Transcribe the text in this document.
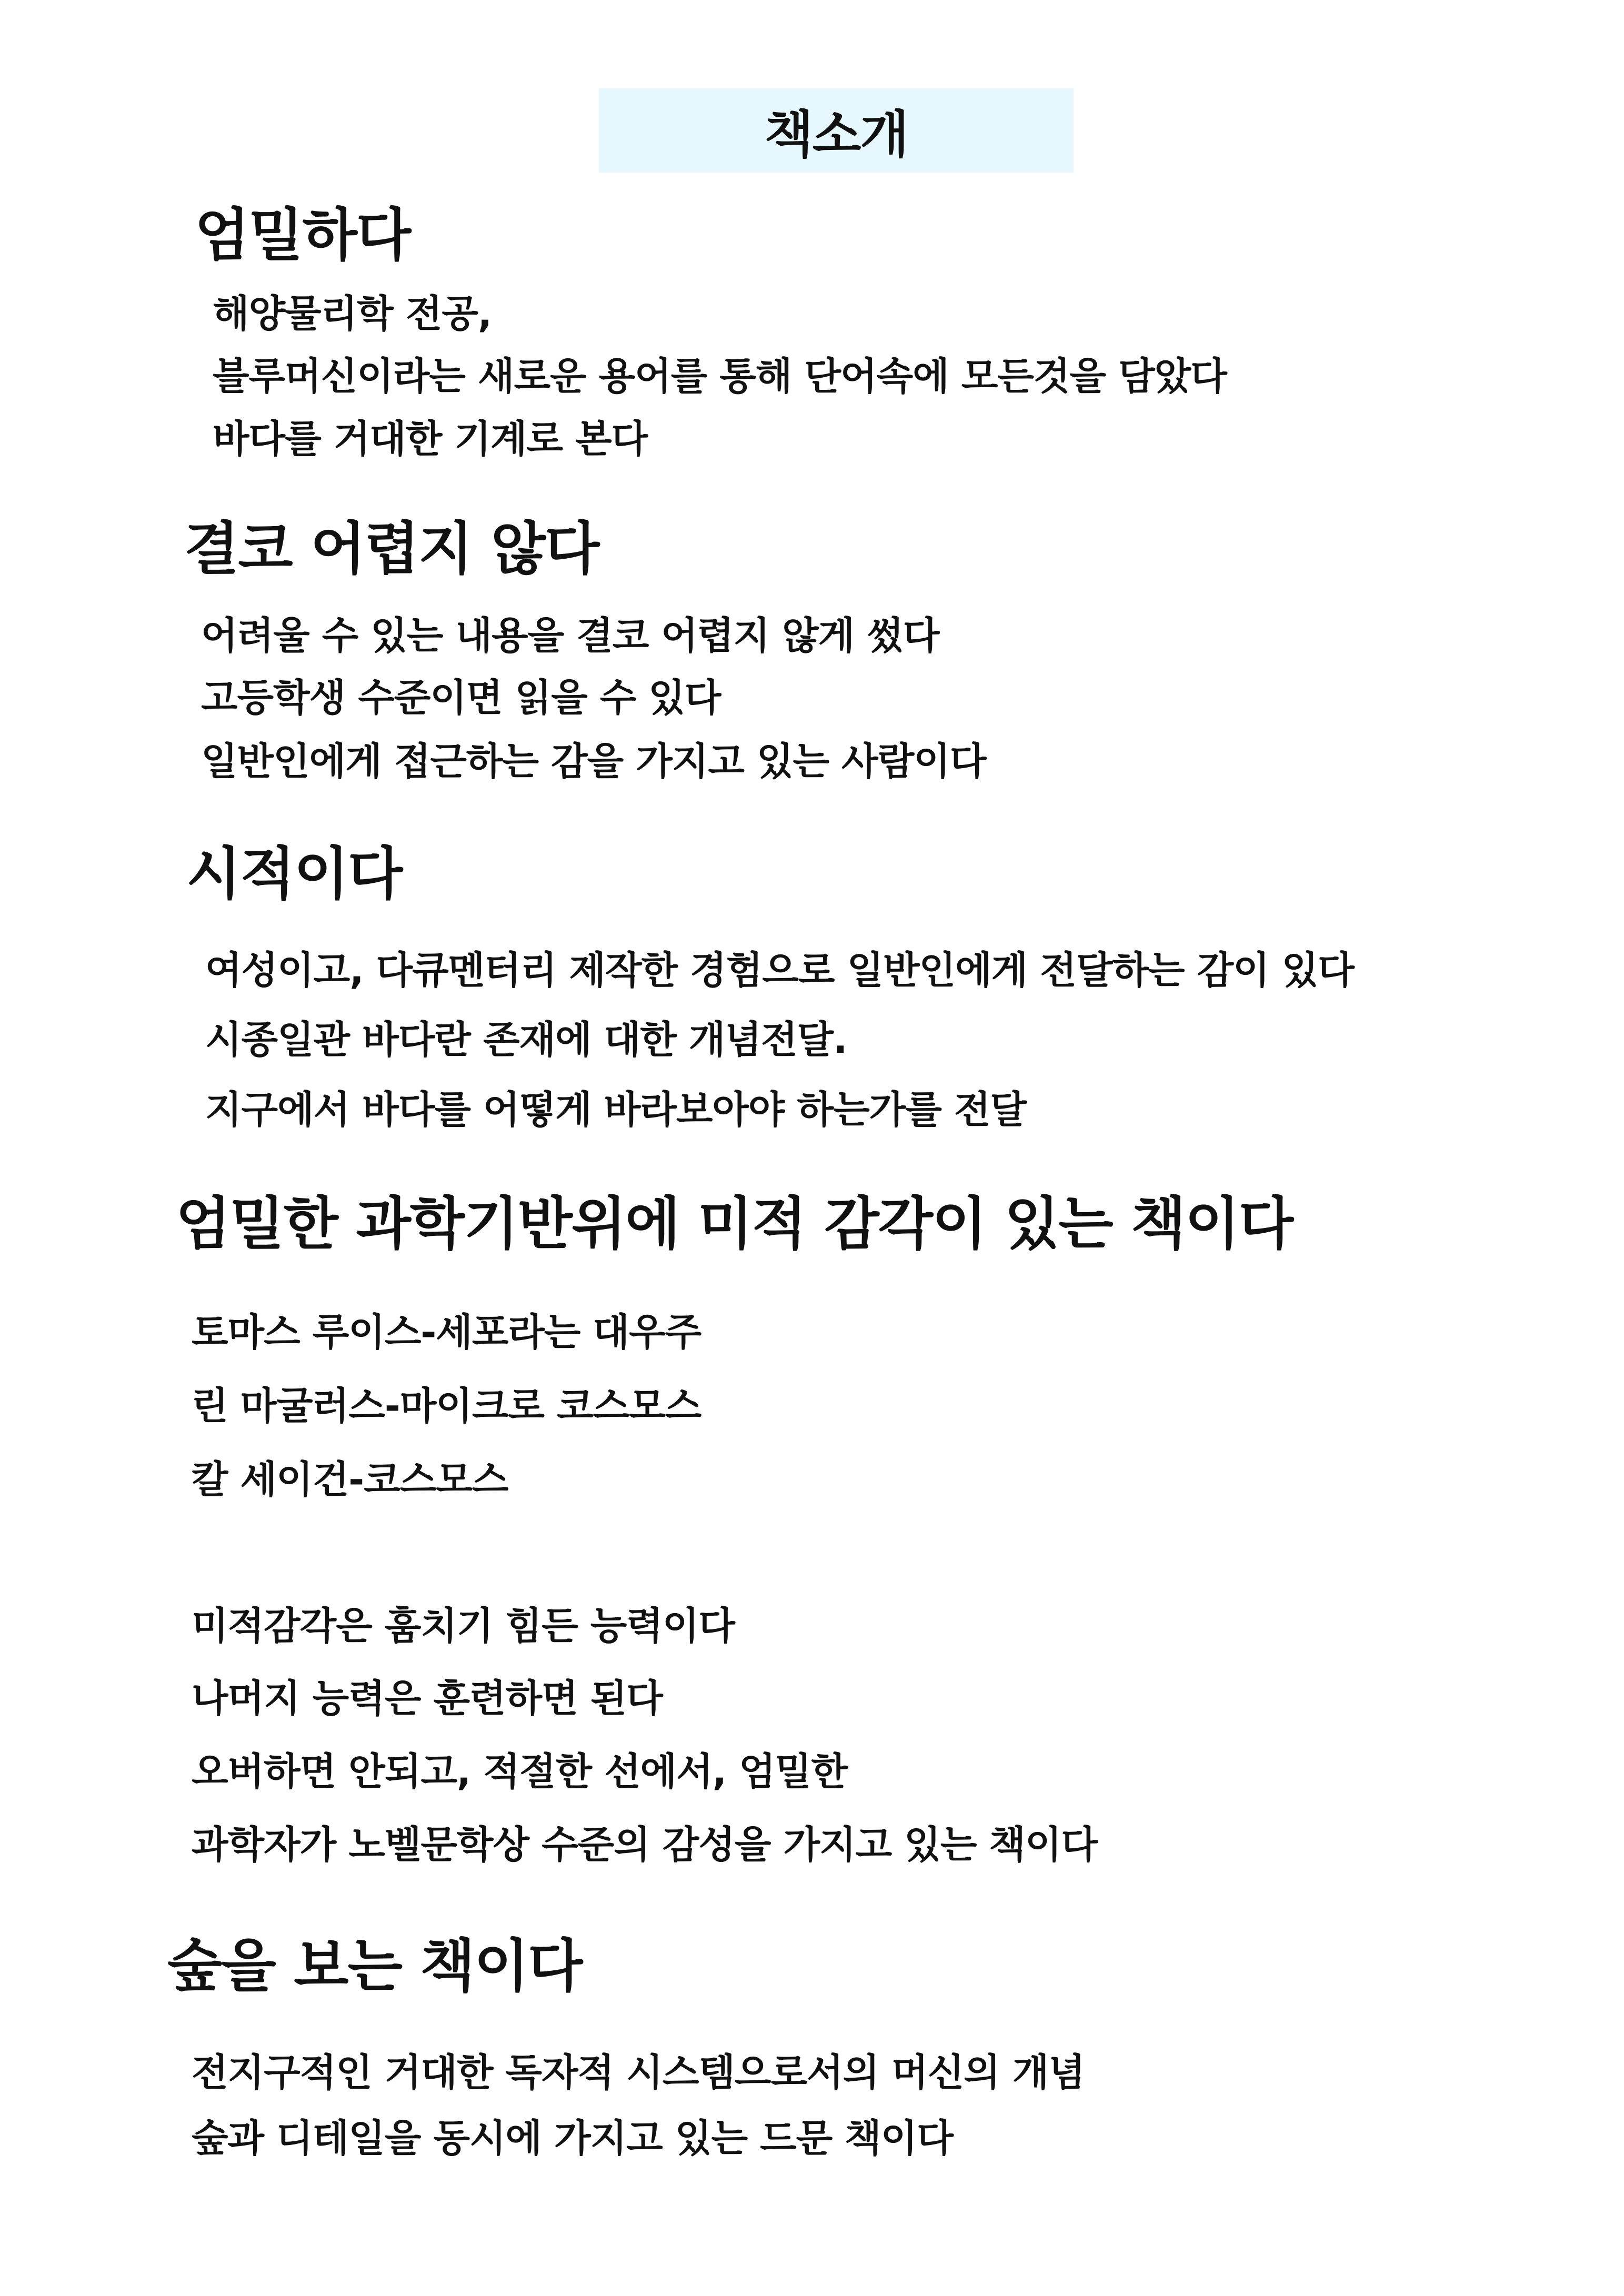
책소개
엄밀하다
해양물리학 전공,
블루머신이라는 새로운 용어를 통해 단어속에 모든것을 담았다
바다를 거대한 기계로 본다
결코 어렵지 않다
어려울 수 있는 내용을 결코 어렵지 않게 썼다
고등학생 수준이면 읽을 수 있다
일반인에게 접근하는 감을 가지고 있는 사람이다
시적이다
여성이고, 다큐멘터리 제작한 경험으로 일반인에게 전달하는 감이 있다
시종일관 바다란 존재에 대한 개념전달.
지구에서 바다를 어떻게 바라보아야 하는가를 전달
엄밀한 과학기반위에 미적 감각이 있는 책이다
토마스 루이스-세포라는 대우주
린 마굴러스-마이크로 코스모스
칼 세이건-코스모스
미적감각은 훔치기 힘든 능력이다
나머지 능력은 훈련하면 된다
오버하면 안되고, 적절한 선에서, 엄밀한
과학자가 노벨문학상 수준의 감성을 가지고 있는 책이다
숲을 보는 책이다
전지구적인 거대한 독자적 시스템으로서의 머신의 개념
숲과 디테일을 동시에 가지고 있는 드문 책이다
